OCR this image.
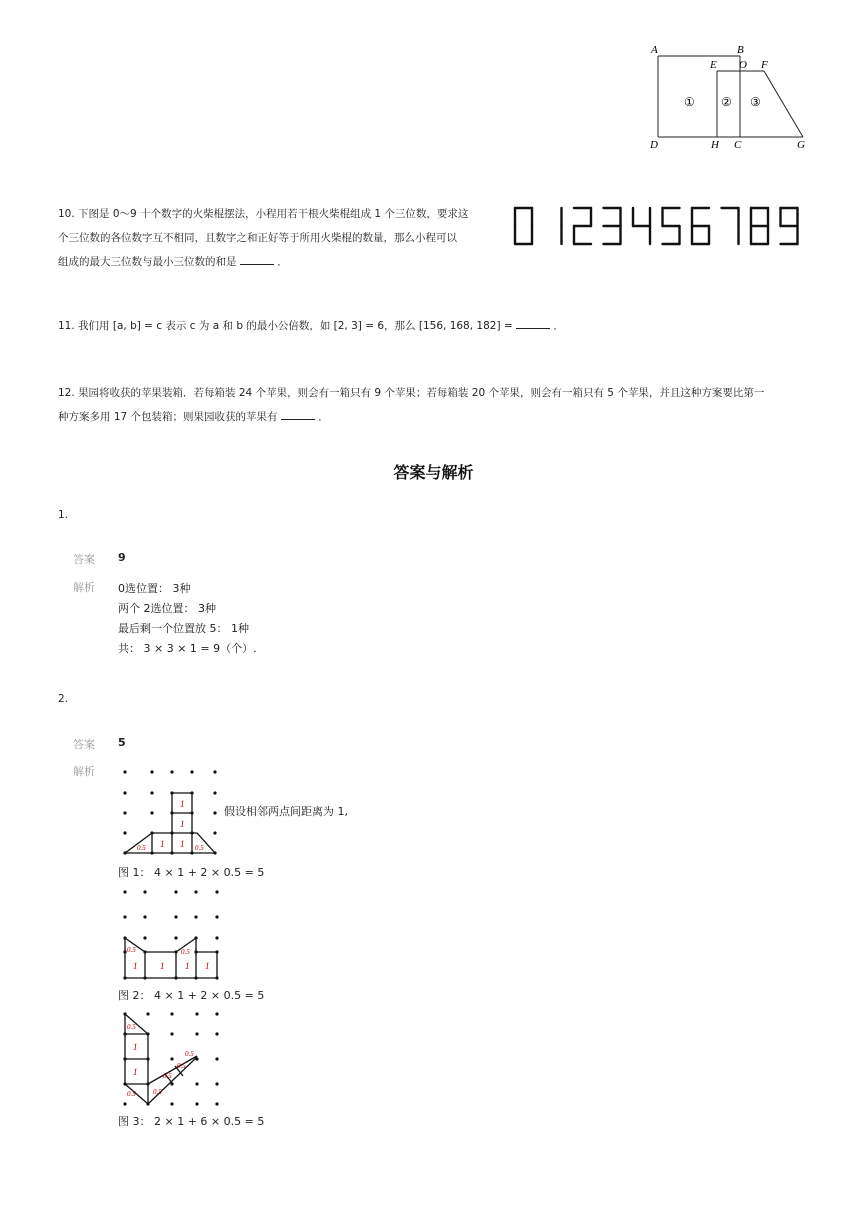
A	B
E O F
D	H C	G
① ② ③
10. 下图是 0～9 十个数字的火柴棍摆法，小程用若干根火柴棍组成 1 个三位数，要求这
个三位数的各位数字互不相同，且数字之和正好等于所用火柴棍的数量，那么小程可以
组成的最大三位数与最小三位数的和是	．
11. 我们用 [a, b] = c 表示 c 为 a 和 b 的最小公倍数，如 [2, 3] = 6，那么 [156, 168, 182] =	．
12. 果园将收获的苹果装箱．若每箱装 24 个苹果，则会有一箱只有 9 个苹果；若每箱装 20 个苹果，则会有一箱只有 5 个苹果，并且这种方案要比第一
种方案多用 17 个包装箱；则果园收获的苹果有	．
答案与解析
1.
答案 9
解析 0选位置： 3种
两个 2选位置： 3种
最后剩一个位置放 5： 1种
共： 3 × 3 × 1 = 9（个）.
2.
答案 5
解析
1
1
1 1
0.5	0.5
假设相邻两点间距离为 1,
图 1： 4 × 1 + 2 × 0.5 = 5
0.5	0.5
1	1 1 1
图 2： 4 × 1 + 2 × 0.5 = 5
0.5
1
1
0.5 0.5
0.5
0.5
0.5
图 3： 2 × 1 + 6 × 0.5 = 5
